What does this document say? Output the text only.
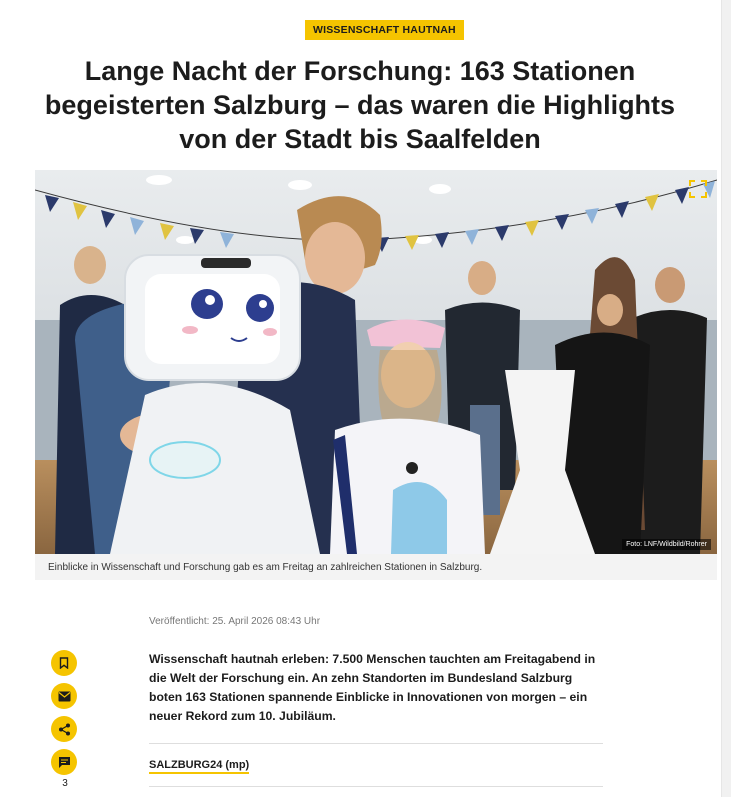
WISSENSCHAFT HAUTNAH
Lange Nacht der Forschung: 163 Stationen begeisterten Salzburg – das waren die Highlights von der Stadt bis Saalfelden
Foto: LNF/Wildbild/Rohrer
Einblicke in Wissenschaft und Forschung gab es am Freitag an zahlreichen Stationen in Salzburg.
Veröffentlicht: 25. April 2026 08:43 Uhr
3

Wissenschaft hautnah erleben: 7.500 Menschen tauchten am Freitagabend in die Welt der Forschung ein. An zehn Standorten im Bundesland Salzburg boten 163 Stationen spannende Einblicke in Innovationen von morgen – ein neuer Rekord zum 10. Jubiläum.

SALZBURG24 (mp)
